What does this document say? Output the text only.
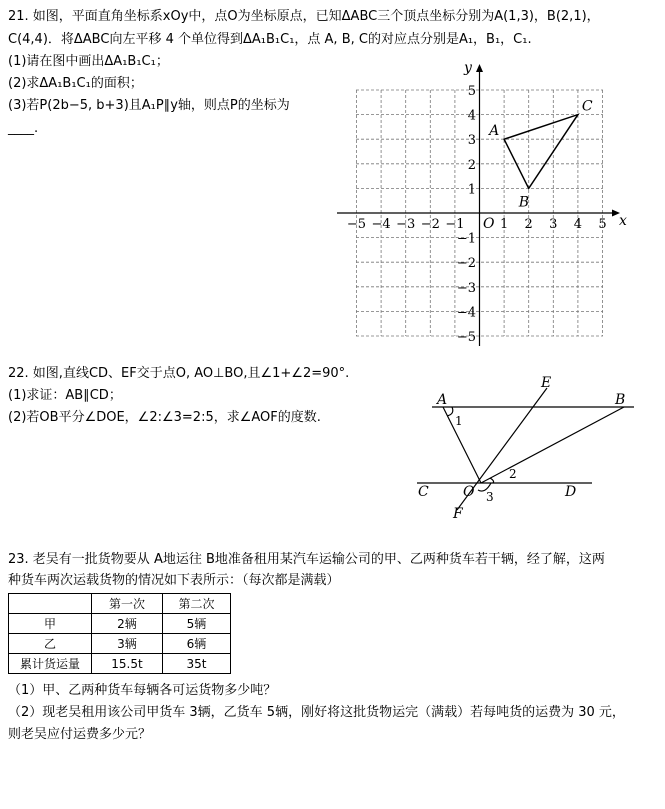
21. 如图，平面直角坐标系xOy中，点O为坐标原点，已知ΔABC三个顶点坐标分别为A(1,3)，B(2,1)，
C(4,4)．将ΔABC向左平移 4 个单位得到ΔA₁B₁C₁，点 A, B, C的对应点分别是A₁，B₁，C₁.
(1)请在图中画出ΔA₁B₁C₁；
(2)求ΔA₁B₁C₁的面积；
(3)若P(2b−5, b+3)且A₁P∥y轴，则点P的坐标为
____.
x
y
O
−5 −4 −3 −2 −1	1 2 3 4 5
5
4
3
2
1
−1
−2
−3
−4
−5
A
B
C
22. 如图,直线CD、EF交于点O, AO⊥BO,且∠1+∠2=90°.
(1)求证：AB∥CD；
(2)若OB平分∠DOE，∠2:∠3=2:5，求∠AOF的度数.
A	B
C	D
E
F
O
1
2
3
23. 老吴有一批货物要从 A地运往 B地准备租用某汽车运输公司的甲、乙两种货车若干辆，经了解，这两
种货车两次运载货物的情况如下表所示：（每次都是满载）
	第一次	第二次
甲	2辆	5辆
乙	3辆	6辆
累计货运量	15.5t	35t
（1）甲、乙两种货车每辆各可运货物多少吨？
（2）现老吴租用该公司甲货车 3辆，乙货车 5辆，刚好将这批货物运完（满载）若每吨货的运费为 30 元，
则老吴应付运费多少元？
